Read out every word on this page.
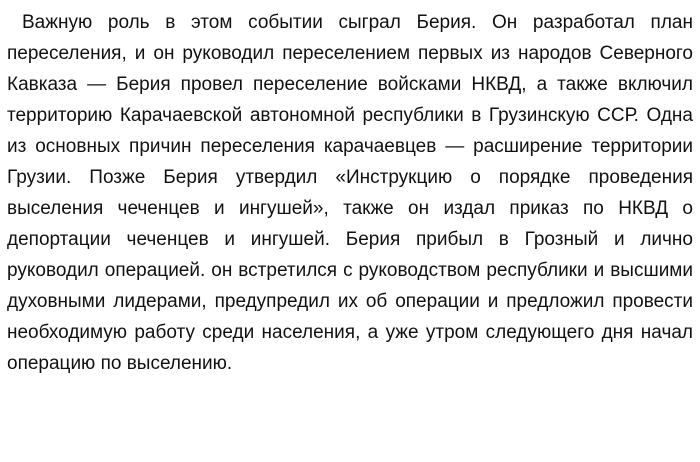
Важную роль в этом событии сыграл Берия. Он разработал план переселения, и он руководил переселением первых из народов Северного Кавказа — Берия провел переселение войсками НКВД, а также включил территорию Карачаевской автономной республики в Грузинскую ССР. Одна из основных причин переселения карачаевцев — расширение территории Грузии. Позже Берия утвердил «Инструкцию о порядке проведения выселения чеченцев и ингушей», также он издал приказ по НКВД о депортации чеченцев и ингушей. Берия прибыл в Грозный и лично руководил операцией. он встретился с руководством республики и высшими духовными лидерами, предупредил их об операции и предложил провести необходимую работу среди населения, а уже утром следующего дня начал операцию по выселению.
